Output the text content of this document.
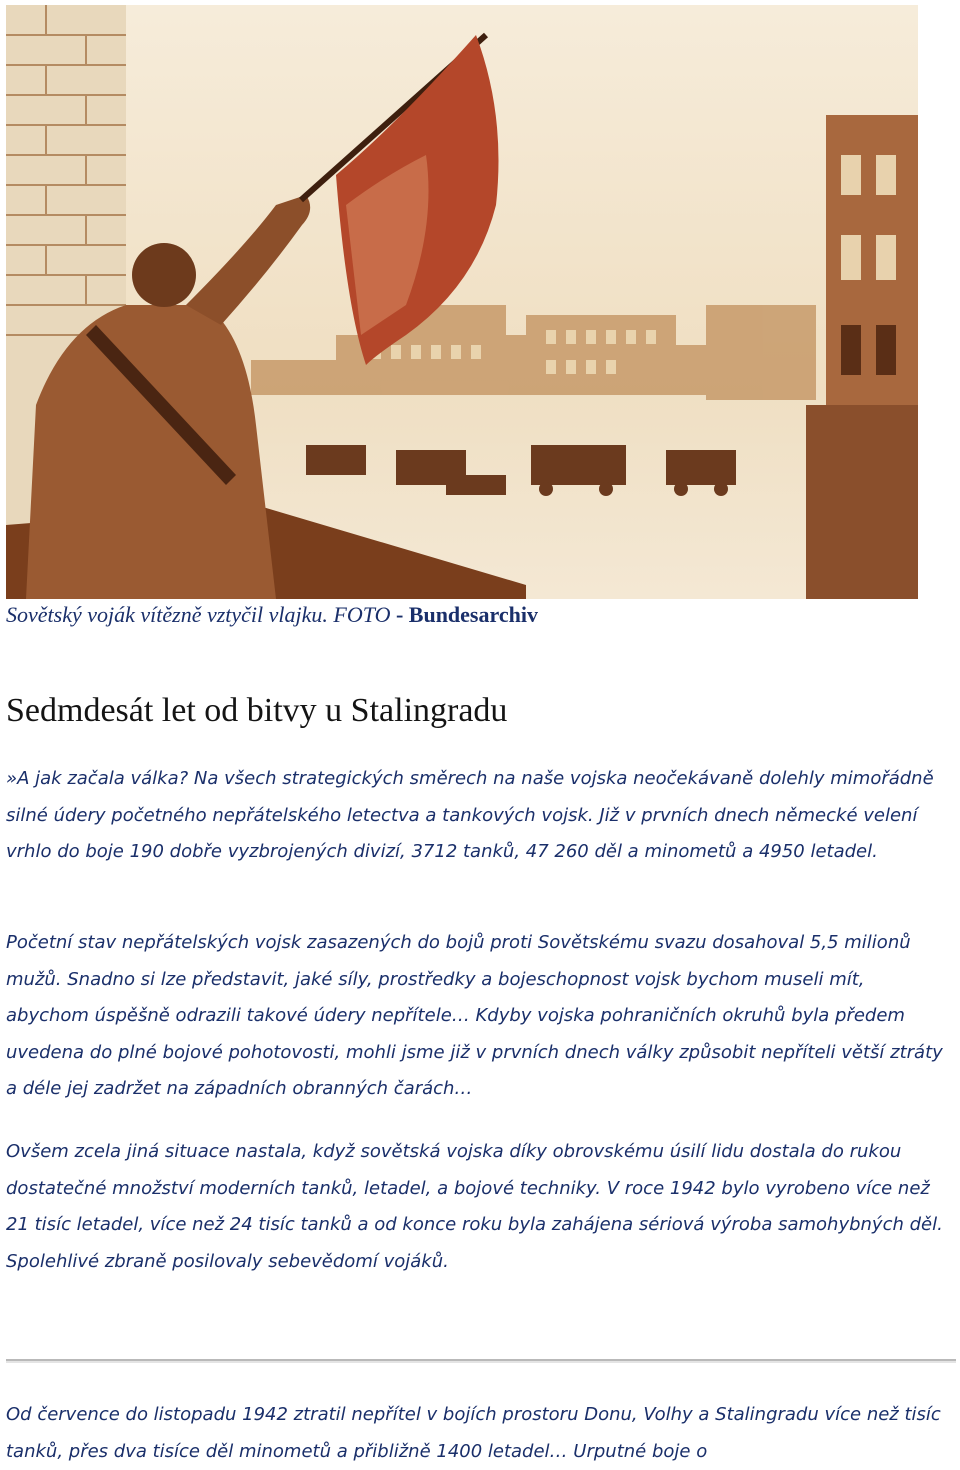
Sovětský voják vítězně vztyčil vlajku. FOTO - Bundesarchiv
Sedmdesát let od bitvy u Stalingradu

»A jak začala válka? Na všech strategických směrech na naše vojska neočekávaně dolehly mimořádně silné údery početného nepřátelského letectva a tankových vojsk. Již v prvních dnech německé velení vrhlo do boje 190 dobře vyzbrojených divizí, 3712 tanků, 47 260 děl a minometů a 4950 letadel.

Početní stav nepřátelských vojsk zasazených do bojů proti Sovětskému svazu dosahoval 5,5 milionů mužů. Snadno si lze představit, jaké síly, prostředky a bojeschopnost vojsk bychom museli mít, abychom úspěšně odrazili takové údery nepřítele… Kdyby vojska pohraničních okruhů byla předem uvedena do plné bojové pohotovosti, mohli jsme již v prvních dnech války způsobit nepříteli větší ztráty a déle jej zadržet na západních obranných čarách…

Ovšem zcela jiná situace nastala, když sovětská vojska díky obrovskému úsilí lidu dostala do rukou dostatečné množství moderních tanků, letadel, a bojové techniky. V roce 1942 bylo vyrobeno více než 21 tisíc letadel, více než 24 tisíc tanků a od konce roku byla zahájena sériová výroba samohybných děl. Spolehlivé zbraně posilovaly sebevědomí vojáků.

Od července do listopadu 1942 ztratil nepřítel v bojích prostoru Donu, Volhy a Stalingradu více než tisíc tanků, přes dva tisíce děl minometů a přibližně 1400 letadel… Urputné boje o
